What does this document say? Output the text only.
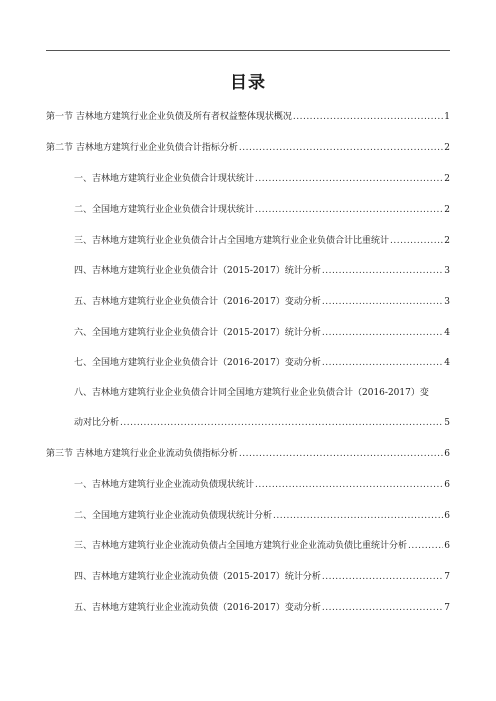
目录
第一节 吉林地方建筑行业企业负债及所有者权益整体现状概况 .....	1
第二节 吉林地方建筑行业企业负债合计指标分析 .....	2
一、吉林地方建筑行业企业负债合计现状统计 .....	2
二、全国地方建筑行业企业负债合计现状统计 .....	2
三、吉林地方建筑行业企业负债合计占全国地方建筑行业企业负债合计比重统计 .....	2
四、吉林地方建筑行业企业负债合计（2015-2017）统计分析 .....	3
五、吉林地方建筑行业企业负债合计（2016-2017）变动分析 .....	3
六、全国地方建筑行业企业负债合计（2015-2017）统计分析 .....	4
七、全国地方建筑行业企业负债合计（2016-2017）变动分析 .....	4
八、吉林地方建筑行业企业负债合计同全国地方建筑行业企业负债合计（2016-2017）变
动对比分析 .....	5
第三节 吉林地方建筑行业企业流动负债指标分析 .....	6
一、吉林地方建筑行业企业流动负债现状统计 .....	6
二、全国地方建筑行业企业流动负债现状统计分析 .....	6
三、吉林地方建筑行业企业流动负债占全国地方建筑行业企业流动负债比重统计分析 .....	6
四、吉林地方建筑行业企业流动负债（2015-2017）统计分析 .....	7
五、吉林地方建筑行业企业流动负债（2016-2017）变动分析 .....	7
